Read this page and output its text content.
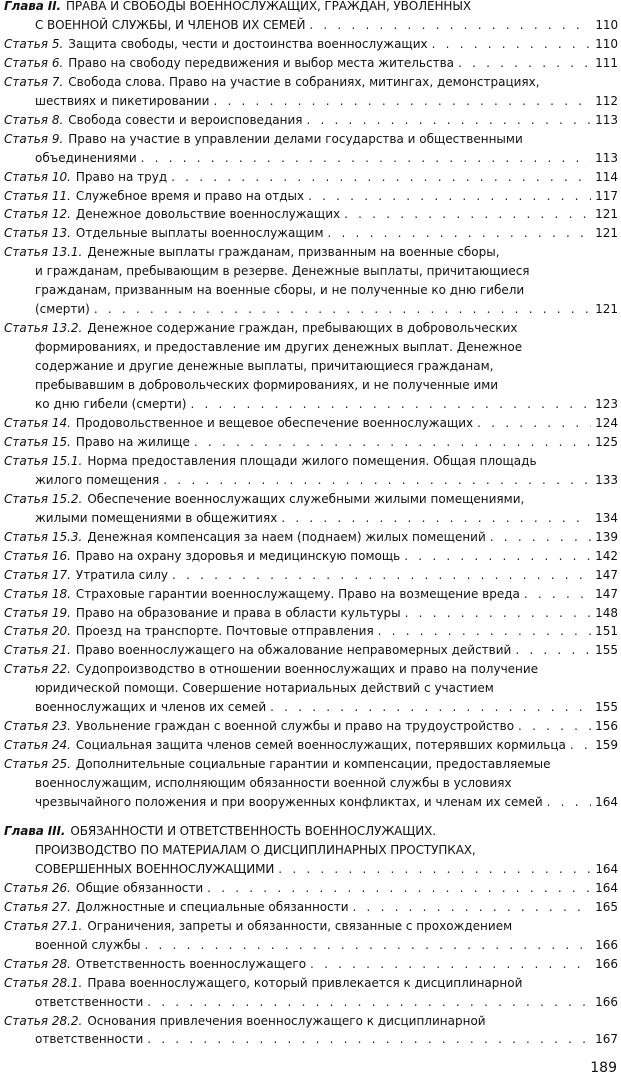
Глава II. ПРАВА И СВОБОДЫ ВОЕННОСЛУЖАЩИХ, ГРАЖДАН, УВОЛЕННЫХ
С ВОЕННОЙ СЛУЖБЫ, И ЧЛЕНОВ ИХ СЕМЕЙ . . .	110
Статья 5. Защита свободы, чести и достоинства военнослужащих . . .	110
Статья 6. Право на свободу передвижения и выбор места жительства . . .	111
Статья 7. Свобода слова. Право на участие в собраниях, митингах, демонстрациях,
шествиях и пикетировании . . .	112
Статья 8. Свобода совести и вероисповедания . . .	113
Статья 9. Право на участие в управлении делами государства и общественными
объединениями . . .	113
Статья 10. Право на труд . . .	114
Статья 11. Служебное время и право на отдых . . .	117
Статья 12. Денежное довольствие военнослужащих . . .	121
Статья 13. Отдельные выплаты военнослужащим . . .	121
Статья 13.1. Денежные выплаты гражданам, призванным на военные сборы,
и гражданам, пребывающим в резерве. Денежные выплаты, причитающиеся
гражданам, призванным на военные сборы, и не полученные ко дню гибели
(смерти) . . .	121
Статья 13.2. Денежное содержание граждан, пребывающих в добровольческих
формированиях, и предоставление им других денежных выплат. Денежное
содержание и другие денежные выплаты, причитающиеся гражданам,
пребывавшим в добровольческих формированиях, и не полученные ими
ко дню гибели (смерти) . . .	123
Статья 14. Продовольственное и вещевое обеспечение военнослужащих . . .	124
Статья 15. Право на жилище . . .	125
Статья 15.1. Норма предоставления площади жилого помещения. Общая площадь
жилого помещения . . .	133
Статья 15.2. Обеспечение военнослужащих служебными жилыми помещениями,
жилыми помещениями в общежитиях . . .	134
Статья 15.3. Денежная компенсация за наем (поднаем) жилых помещений . . .	139
Статья 16. Право на охрану здоровья и медицинскую помощь . . .	142
Статья 17. Утратила силу . . .	147
Статья 18. Страховые гарантии военнослужащему. Право на возмещение вреда . . .	147
Статья 19. Право на образование и права в области культуры . . .	148
Статья 20. Проезд на транспорте. Почтовые отправления . . .	151
Статья 21. Право военнослужащего на обжалование неправомерных действий . . .	155
Статья 22. Судопроизводство в отношении военнослужащих и право на получение
юридической помощи. Совершение нотариальных действий с участием
военнослужащих и членов их семей . . .	155
Статья 23. Увольнение граждан с военной службы и право на трудоустройство . . .	156
Статья 24. Социальная защита членов семей военнослужащих, потерявших кормильца . . . 159
Статья 25. Дополнительные социальные гарантии и компенсации, предоставляемые
военнослужащим, исполняющим обязанности военной службы в условиях
чрезвычайного положения и при вооруженных конфликтах, и членам их семей . . .	164
Глава III. ОБЯЗАННОСТИ И ОТВЕТСТВЕННОСТЬ ВОЕННОСЛУЖАЩИХ.
ПРОИЗВОДСТВО ПО МАТЕРИАЛАМ О ДИСЦИПЛИНАРНЫХ ПРОСТУПКАХ,
СОВЕРШЕННЫХ ВОЕННОСЛУЖАЩИМИ . . .	164
Статья 26. Общие обязанности . . .	164
Статья 27. Должностные и специальные обязанности . . .	165
Статья 27.1. Ограничения, запреты и обязанности, связанные с прохождением
военной службы . . .	166
Статья 28. Ответственность военнослужащего . . .	166
Статья 28.1. Права военнослужащего, который привлекается к дисциплинарной
ответственности . . .	166
Статья 28.2. Основания привлечения военнослужащего к дисциплинарной
ответственности . . .	167
189
